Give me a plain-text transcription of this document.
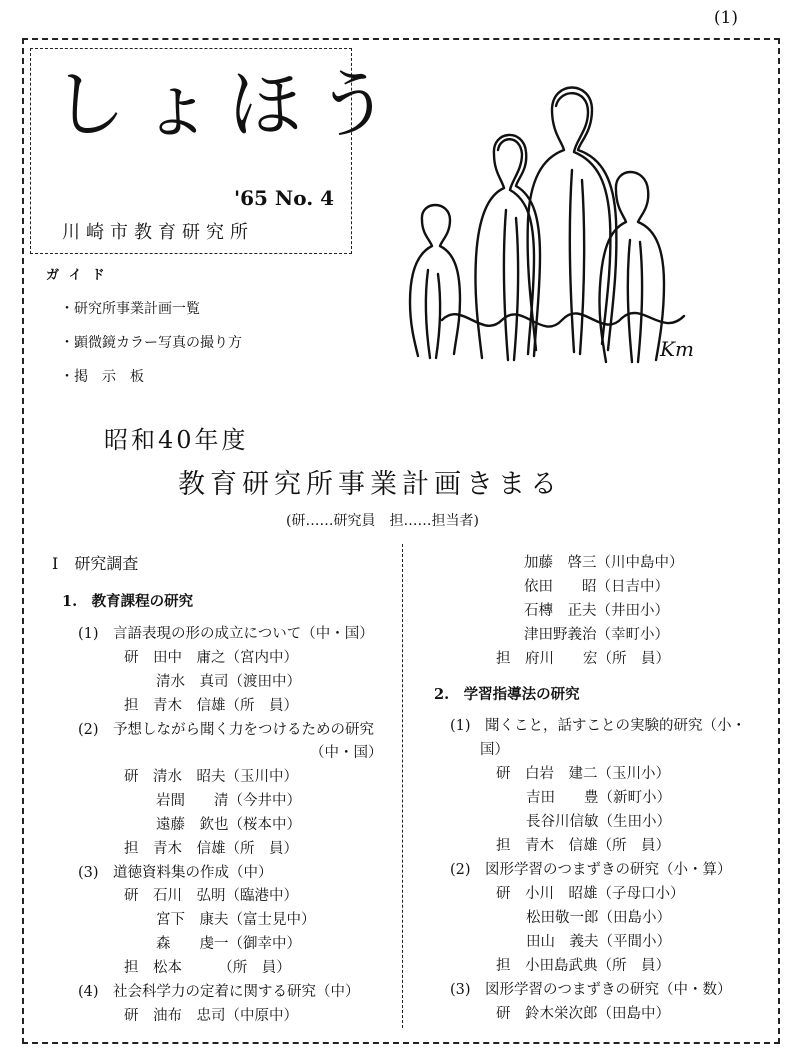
(1)
しょほう
'65 No. 4
川崎市教育研究所
ガイド
・研究所事業計画一覧
・顕微鏡カラー写真の撮り方
・掲　示　板
Km
昭和40年度
教育研究所事業計画きまる
(研……研究員　担……担当者)
I　研究調査
1.　教育課程の研究
(1)　言語表現の形の成立について（中・国）
研　田中　庸之（宮内中）
清水　真司（渡田中）
担　青木　信雄（所　員）
(2)　予想しながら聞く力をつけるための研究
（中・国）
研　清水　昭夫（玉川中）
岩間　　清（今井中）
遠藤　欽也（桜本中）
担　青木　信雄（所　員）
(3)　道徳資料集の作成（中）
研　石川　弘明（臨港中）
宮下　康夫（富士見中）
森　　虔一（御幸中）
担　松本　　　（所　員）
(4)　社会科学力の定着に関する研究（中）
研　油布　忠司（中原中）
加藤　啓三（川中島中）
依田　　昭（日吉中）
石槫　正夫（井田小）
津田野義治（幸町小）
担　府川　　宏（所　員）
2.　学習指導法の研究
(1)　聞くこと，話すことの実験的研究（小・
国）
研　白岩　建二（玉川小）
吉田　　豊（新町小）
長谷川信敏（生田小）
担　青木　信雄（所　員）
(2)　図形学習のつまずきの研究（小・算）
研　小川　昭雄（子母口小）
松田敬一郎（田島小）
田山　義夫（平間小）
担　小田島武典（所　員）
(3)　図形学習のつまずきの研究（中・数）
研　鈴木栄次郎（田島中）
